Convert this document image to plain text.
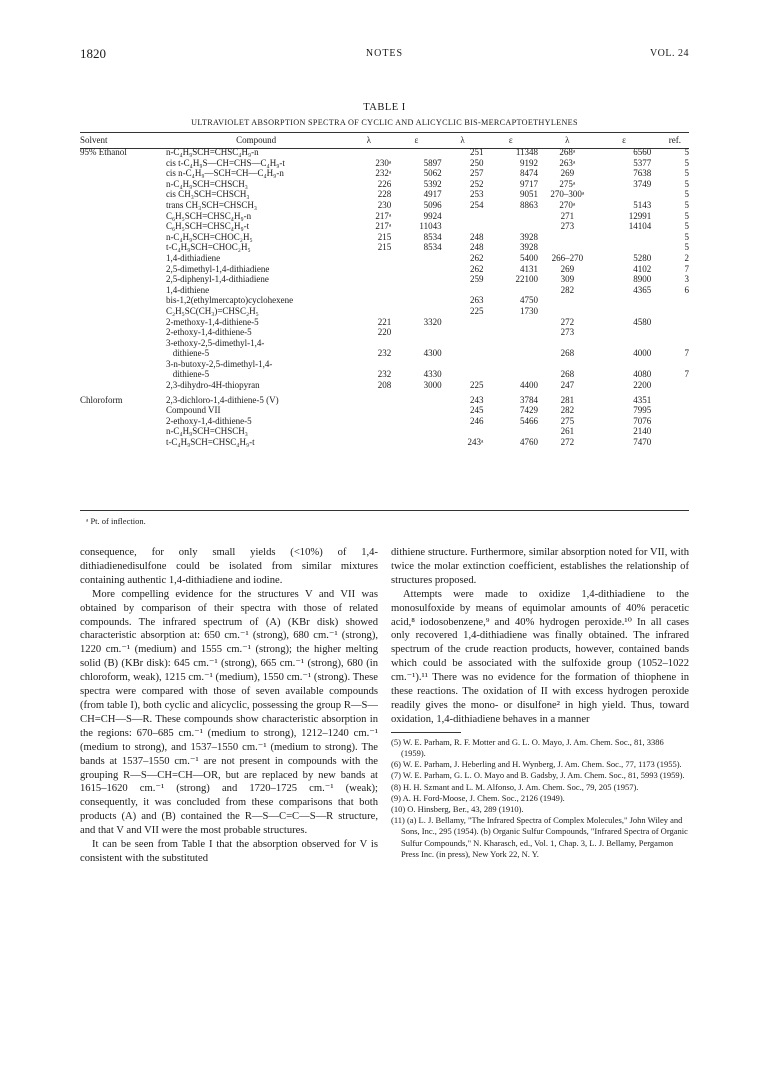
1820	NOTES	VOL. 24
TABLE I
ULTRAVIOLET ABSORPTION SPECTRA OF CYCLIC AND ALICYCLIC BIS-MERCAPTOETHYLENES
Solvent	Compound	λ	ε	λ	ε	λ	ε	ref.
95% Ethanol	n-C₄H₉SCH=CHSC₄H₉-n			251	11348	268ᵃ	6560	5
	cis t-C₄H₉S—CH=CHS—C₄H₉-t	230ᵃ	5897	250	9192	263ᵃ	5377	5
	cis n-C₄H₉—SCH=CH—C₄H₉-n	232ᵃ	5062	257	8474	269	7638	5
	n-C₄H₉SCH=CHSCH₃	226	5392	252	9717	275ᵃ	3749	5
	cis CH₃SCH=CHSCH₃	228	4917	253	9051	270–300ᵃ		5
	trans CH₃SCH=CHSCH₃	230	5096	254	8863	270ᵃ	5143	5
	C₆H₅SCH=CHSC₄H₉-n	217ᵃ	9924			271	12991	5
	C₆H₅SCH=CHSC₄H₉-t	217ᵃ	11043			273	14104	5
	n-C₄H₉SCH=CHOC₂H₅	215	8534	248	3928			5
	t-C₄H₉SCH=CHOC₂H₅	215	8534	248	3928			5
	1,4-dithiadiene			262	5400	266–270	5280	2
	2,5-dimethyl-1,4-dithiadiene			262	4131	269	4102	7
	2,5-diphenyl-1,4-dithiadiene			259	22100	309	8900	3
	1,4-dithiene					282	4365	6
	bis-1,2(ethylmercapto)cyclohexene			263	4750			
	C₂H₅SC(CH₃)=CHSC₂H₅			225	1730			
	2-methoxy-1,4-dithiene-5	221	3320			272	4580	
	2-ethoxy-1,4-dithiene-5	220				273		
	3-ethoxy-2,5-dimethyl-1,4-							
	dithiene-5	232	4300			268	4000	7
	3-n-butoxy-2,5-dimethyl-1,4-							
	dithiene-5	232	4330			268	4080	7
	2,3-dihydro-4H-thiopyran	208	3000	225	4400	247	2200	
Chloroform	2,3-dichloro-1,4-dithiene-5 (V)			243	3784	281	4351	
	Compound VII			245	7429	282	7995	
	2-ethoxy-1,4-dithiene-5			246	5466	275	7076	
	n-C₄H₉SCH=CHSCH₃					261	2140	
	t-C₄H₉SCH=CHSC₄H₉-t			243ᵃ	4760	272	7470	
ᵃ Pt. of inflection.

consequence, for only small yields (<10%) of 1,4-dithiadienedisulfone could be isolated from similar mixtures containing authentic 1,4-dithiadiene and iodine.

More compelling evidence for the structures V and VII was obtained by comparison of their spectra with those of related compounds. The infrared spectrum of (A) (KBr disk) showed characteristic absorption at: 650 cm.⁻¹ (strong), 680 cm.⁻¹ (strong), 1220 cm.⁻¹ (medium) and 1555 cm.⁻¹ (strong); the higher melting solid (B) (KBr disk): 645 cm.⁻¹ (strong), 665 cm.⁻¹ (strong), 680 (in chloroform, weak), 1215 cm.⁻¹ (medium), 1550 cm.⁻¹ (strong). These spectra were compared with those of seven available compounds (from table I), both cyclic and alicyclic, possessing the group R—S—CH=CH—S—R. These compounds show characteristic absorption in the regions: 670–685 cm.⁻¹ (medium to strong), 1212–1240 cm.⁻¹ (medium to strong), and 1537–1550 cm.⁻¹ (medium to strong). The bands at 1537–1550 cm.⁻¹ are not present in compounds with the grouping R—S—CH=CH—OR, but are replaced by new bands at 1615–1620 cm.⁻¹ (strong) and 1720–1725 cm.⁻¹ (weak); consequently, it was concluded from these comparisons that both products (A) and (B) contained the R—S—C=C—S—R structure, and that V and VII were the most probable structures.

It can be seen from Table I that the absorption observed for V is consistent with the substituted

dithiene structure. Furthermore, similar absorption noted for VII, with twice the molar extinction coefficient, establishes the relationship of structures proposed.

Attempts were made to oxidize 1,4-dithiadiene to the monosulfoxide by means of equimolar amounts of 40% peracetic acid,⁸ iodosobenzene,⁹ and 40% hydrogen peroxide.¹⁰ In all cases only recovered 1,4-dithiadiene was finally obtained. The infrared spectrum of the crude reaction products, however, contained bands which could be associated with the sulfoxide group (1052–1022 cm.⁻¹).¹¹ There was no evidence for the formation of thiophene in these reactions. The oxidation of II with excess hydrogen peroxide readily gives the mono- or disulfone² in high yield. Thus, toward oxidation, 1,4-dithiadiene behaves in a manner

(5) W. E. Parham, R. F. Motter and G. L. O. Mayo, J. Am. Chem. Soc., 81, 3386 (1959).

(6) W. E. Parham, J. Heberling and H. Wynberg, J. Am. Chem. Soc., 77, 1173 (1955).

(7) W. E. Parham, G. L. O. Mayo and B. Gadsby, J. Am. Chem. Soc., 81, 5993 (1959).

(8) H. H. Szmant and L. M. Alfonso, J. Am. Chem. Soc., 79, 205 (1957).

(9) A. H. Ford-Moose, J. Chem. Soc., 2126 (1949).

(10) O. Hinsberg, Ber., 43, 289 (1910).

(11) (a) L. J. Bellamy, "The Infrared Spectra of Complex Molecules," John Wiley and Sons, Inc., 295 (1954). (b) Organic Sulfur Compounds, "Infrared Spectra of Organic Sulfur Compounds," N. Kharasch, ed., Vol. 1, Chap. 3, L. J. Bellamy, Pergamon Press Inc. (in press), New York 22, N. Y.
